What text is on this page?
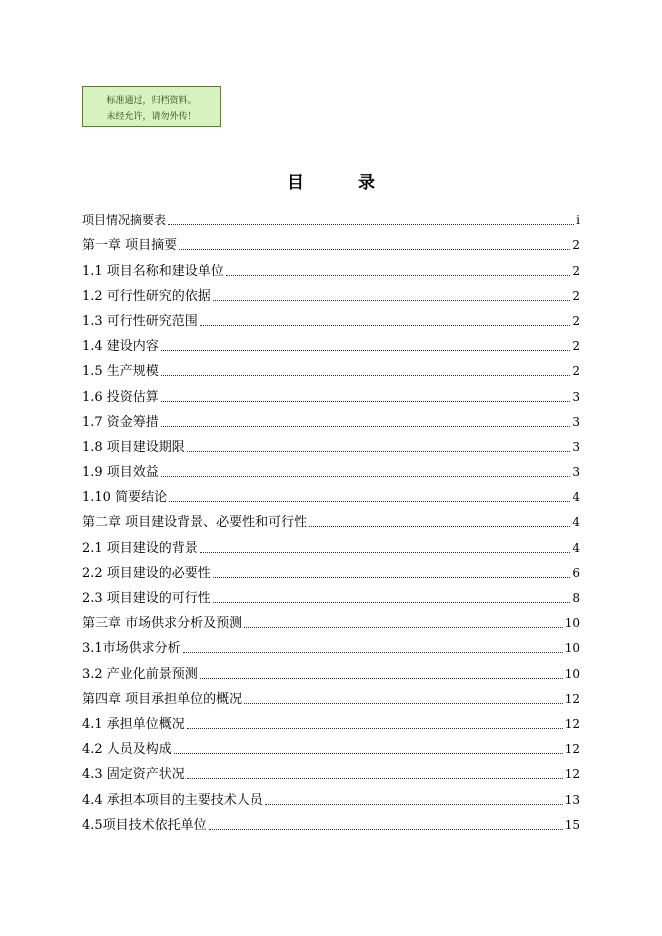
标准通过，归档资料。
未经允许，请勿外传！
目 录
项目情况摘要表	i
第一章 项目摘要	2
1.1 项目名称和建设单位	2
1.2 可行性研究的依据	2
1.3 可行性研究范围	2
1.4 建设内容	2
1.5 生产规模	2
1.6 投资估算	3
1.7 资金筹措	3
1.8 项目建设期限	3
1.9 项目效益	3
1.10 简要结论	4
第二章 项目建设背景、必要性和可行性	4
2.1 项目建设的背景	4
2.2 项目建设的必要性	6
2.3 项目建设的可行性	8
第三章 市场供求分析及预测	10
3.1市场供求分析	10
3.2 产业化前景预测	10
第四章 项目承担单位的概况	12
4.1 承担单位概况	12
4.2 人员及构成	12
4.3 固定资产状况	12
4.4 承担本项目的主要技术人员	13
4.5项目技术依托单位	15
